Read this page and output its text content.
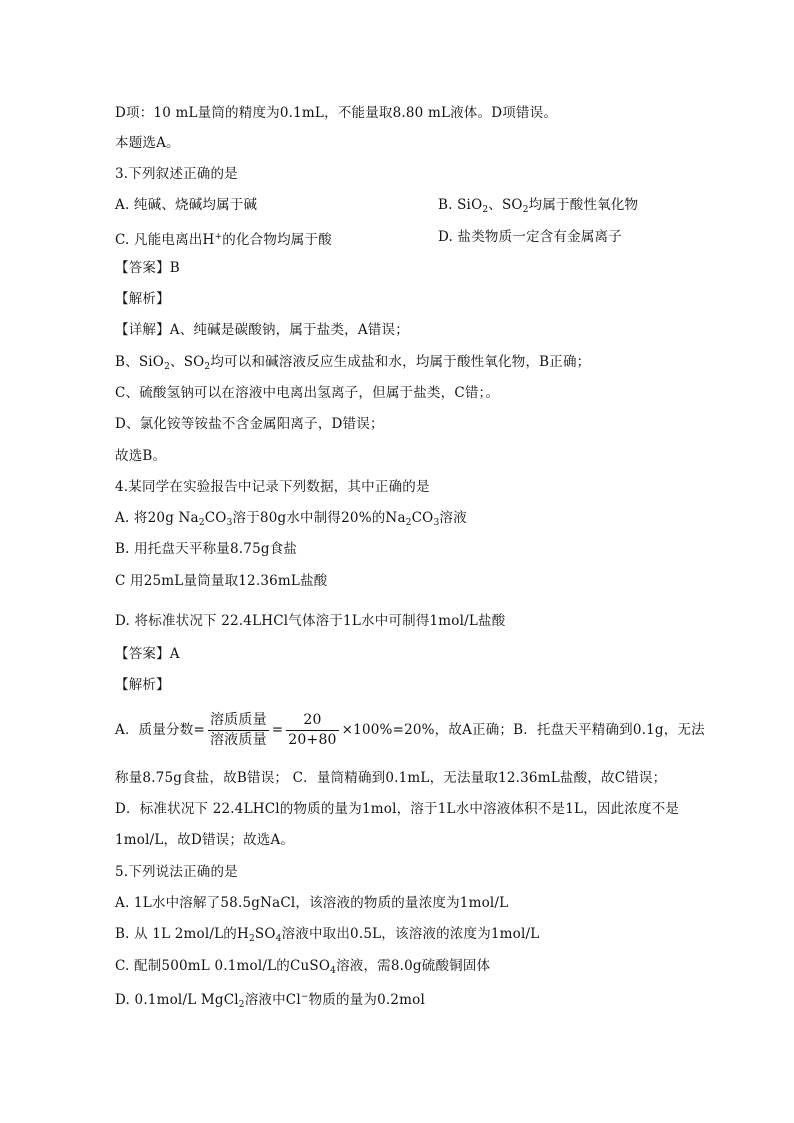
D项：10 mL量筒的精度为0.1mL，不能量取8.80 mL液体。D项错误。
本题选A。
3.下列叙述正确的是
A. 纯碱、烧碱均属于碱	B. SiO$_2$、$SO_2$均属于酸性氧化物
C. 凡能电离出H+的化合物均属于酸	D. 盐类物质一定含有金属离子
【答案】B
【解析】
【详解】A、纯碱是碳酸钠，属于盐类，A错误；
B、SiO$_2$、$SO_2$均可以和碱溶液反应生成盐和水，均属于酸性氧化物，B正确；
C、硫酸氢钠可以在溶液中电离出氢离子，但属于盐类，C错；。
D、氯化铵等铵盐不含金属阳离子，D错误；
故选B。
4.某同学在实验报告中记录下列数据，其中正确的是
A. 将20g $Na_2CO_3$溶于80g水中制得20%的$Na_2CO_3$溶液
B. 用托盘天平称量8.75g食盐
C 用25mL量筒量取12.36mL盐酸
D. 将标准状况下 22.4LHCl气体溶于1L水中可制得1mol/L盐酸
【答案】A
【解析】
A．质量分数= $\frac{\text{溶质质量}}{\text{溶液质量}} = \frac{20}{20+80} \times 100\%=20\%$，故A正确；B．托盘天平精确到0.1g，无法
称量8.75g食盐，故B错误； C．量筒精确到0.1mL，无法量取12.36mL盐酸，故C错误；
D．标准状况下 22.4LHCl的物质的量为1mol，溶于1L水中溶液体积不是1L，因此浓度不是
1mol/L，故D错误；故选A。
5.下列说法正确的是
A. 1L水中溶解了58.5gNaCl，该溶液的物质的量浓度为1mol/L
B. 从 1L 2mol/L的$H_2SO_4$溶液中取出0.5L，该溶液的浓度为1mol/L
C. 配制500mL 0.1mol/L的CuSO$_4$溶液，需8.0g硫酸铜固体
D. 0.1mol/L MgCl$_2$溶液中Cl−物质的量为0.2mol
